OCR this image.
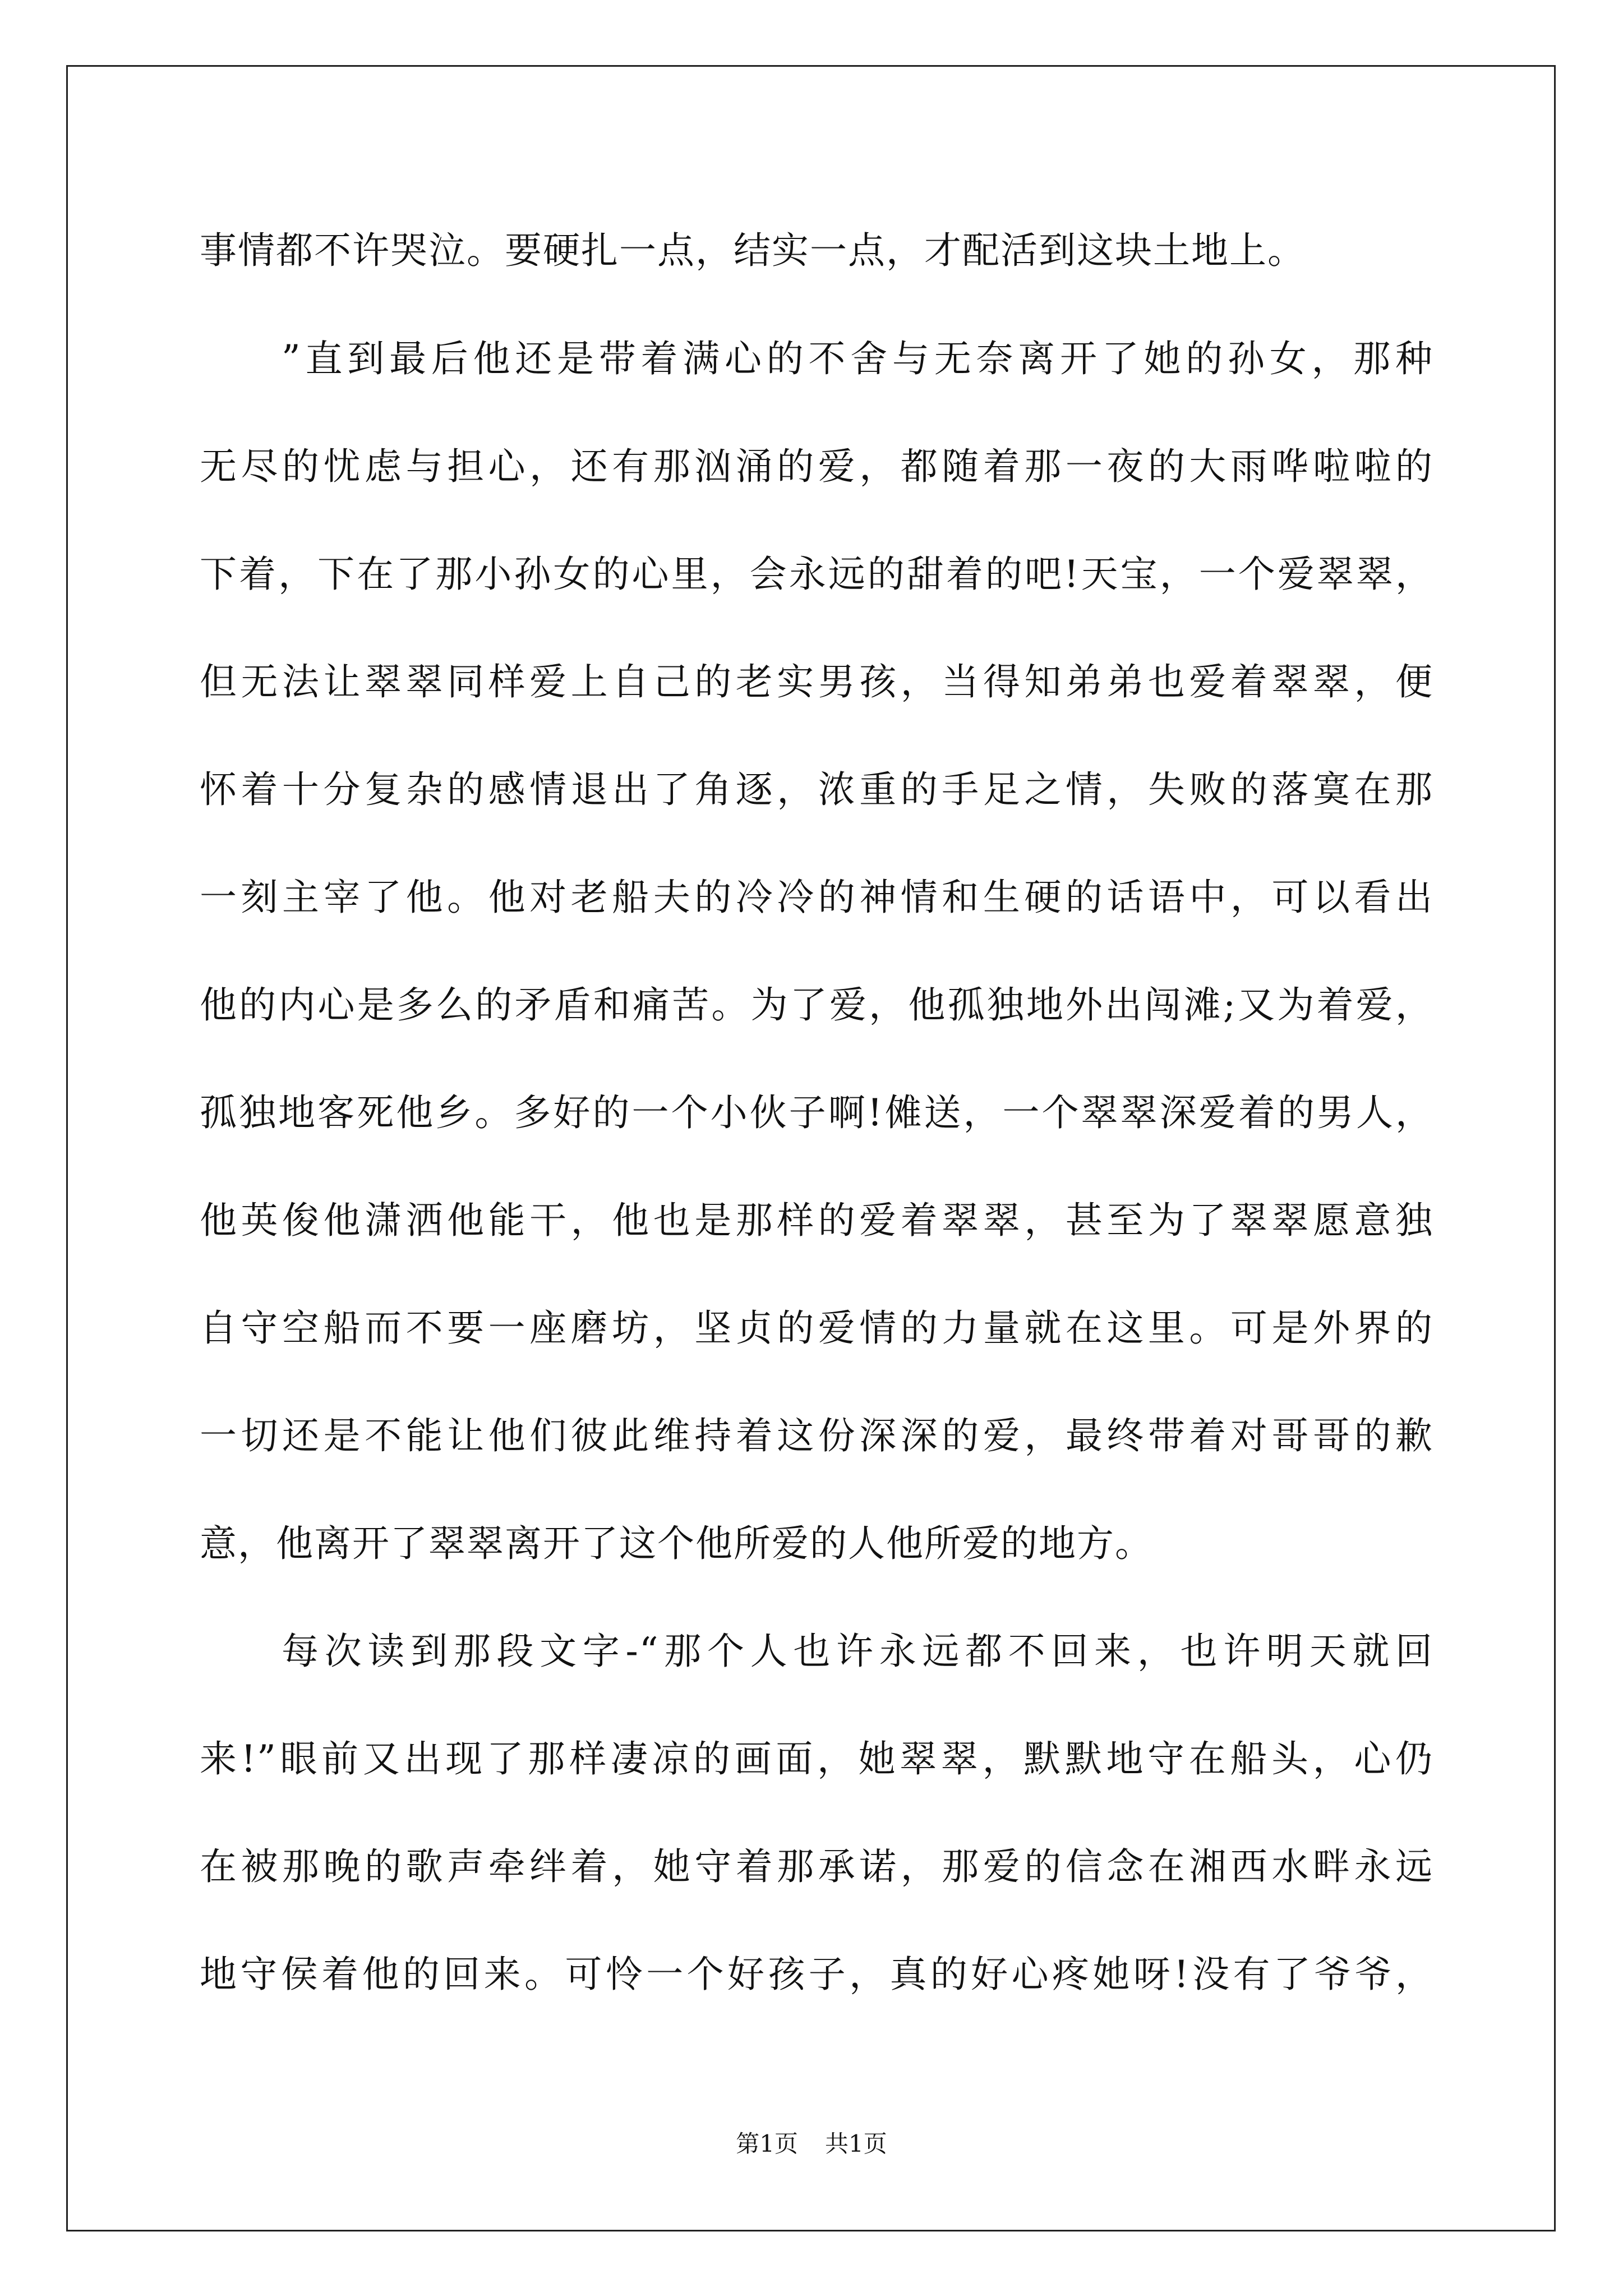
事情都不许哭泣。要硬扎一点，结实一点，才配活到这块土地上。
”直到最后他还是带着满心的不舍与无奈离开了她的孙女，那种
无尽的忧虑与担心，还有那汹涌的爱，都随着那一夜的大雨哗啦啦的
下着，下在了那小孙女的心里，会永远的甜着的吧!天宝，一个爱翠翠，
但无法让翠翠同样爱上自己的老实男孩，当得知弟弟也爱着翠翠，便
怀着十分复杂的感情退出了角逐，浓重的手足之情，失败的落寞在那
一刻主宰了他。他对老船夫的冷冷的神情和生硬的话语中，可以看出
他的内心是多么的矛盾和痛苦。为了爱，他孤独地外出闯滩;又为着爱，
孤独地客死他乡。多好的一个小伙子啊!傩送，一个翠翠深爱着的男人，
他英俊他潇洒他能干，他也是那样的爱着翠翠，甚至为了翠翠愿意独
自守空船而不要一座磨坊，坚贞的爱情的力量就在这里。可是外界的
一切还是不能让他们彼此维持着这份深深的爱，最终带着对哥哥的歉
意，他离开了翠翠离开了这个他所爱的人他所爱的地方。
每次读到那段文字-“那个人也许永远都不回来，也许明天就回
来!”眼前又出现了那样凄凉的画面，她翠翠，默默地守在船头，心仍
在被那晚的歌声牵绊着，她守着那承诺，那爱的信念在湘西水畔永远
地守侯着他的回来。可怜一个好孩子，真的好心疼她呀!没有了爷爷，
第1页 共1页
